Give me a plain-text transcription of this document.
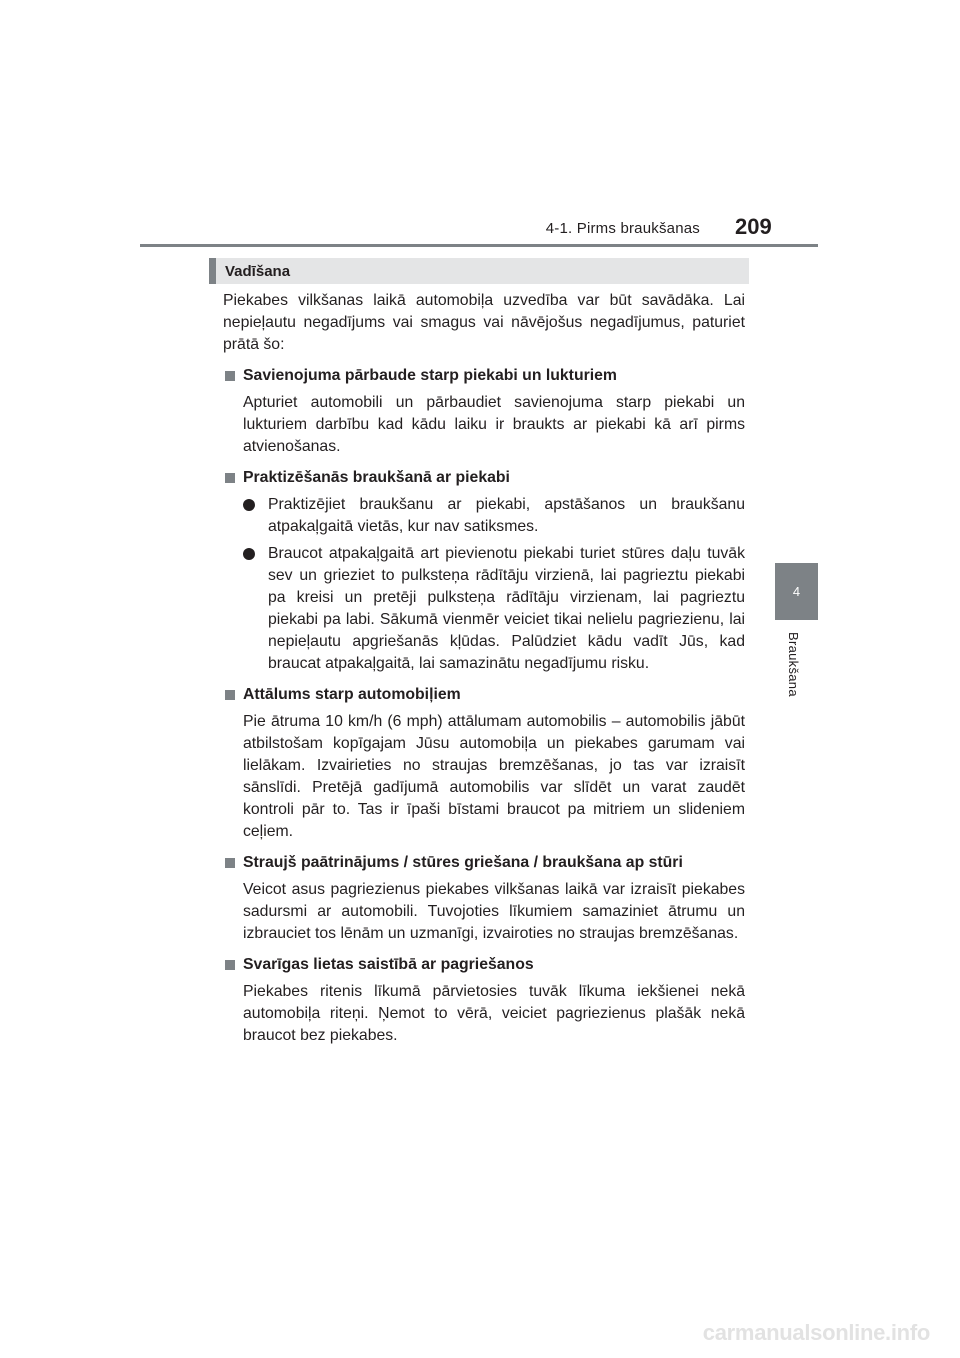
4-1. Pirms braukšanas 209
4
Braukšana
Vadīšana

Piekabes vilkšanas laikā automobiļa uzvedība var būt savādāka. Lai nepieļautu negadījums vai smagus vai nāvējošus negadījumus, paturiet prātā šo:

Savienojuma pārbaude starp piekabi un lukturiem

Apturiet automobili un pārbaudiet savienojuma starp piekabi un lukturiem darbību kad kādu laiku ir braukts ar piekabi kā arī pirms atvienošanas.

Praktizēšanās braukšanā ar piekabi
Praktizējiet braukšanu ar piekabi, apstāšanos un braukšanu atpakaļgaitā vietās, kur nav satiksmes.
Braucot atpakaļgaitā art pievienotu piekabi turiet stūres daļu tuvāk sev un grieziet to pulksteņa rādītāju virzienā, lai pagrieztu piekabi pa kreisi un pretēji pulksteņa rādītāju virzienam, lai pagrieztu piekabi pa labi. Sākumā vienmēr veiciet tikai nelielu pagriezienu, lai nepieļautu apgriešanās kļūdas. Palūdziet kādu vadīt Jūs, kad braucat atpakaļgaitā, lai samazinātu negadījumu risku.
Attālums starp automobiļiem

Pie ātruma 10 km/h (6 mph) attālumam automobilis – automobilis jābūt atbilstošam kopīgajam Jūsu automobiļa un piekabes garumam vai lielākam. Izvairieties no straujas bremzēšanas, jo tas var izraisīt sānslīdi. Pretējā gadījumā automobilis var slīdēt un varat zaudēt kontroli pār to. Tas ir īpaši bīstami braucot pa mitriem un slideniem ceļiem.

Straujš paātrinājums / stūres griešana / braukšana ap stūri

Veicot asus pagriezienus piekabes vilkšanas laikā var izraisīt piekabes sadursmi ar automobili. Tuvojoties līkumiem samaziniet ātrumu un izbrauciet tos lēnām un uzmanīgi, izvairoties no straujas bremzēšanas.

Svarīgas lietas saistībā ar pagriešanos

Piekabes ritenis līkumā pārvietosies tuvāk līkuma iekšienei nekā automobiļa riteņi. Ņemot to vērā, veiciet pagriezienus plašāk nekā braucot bez piekabes.

carmanualsonline.info
